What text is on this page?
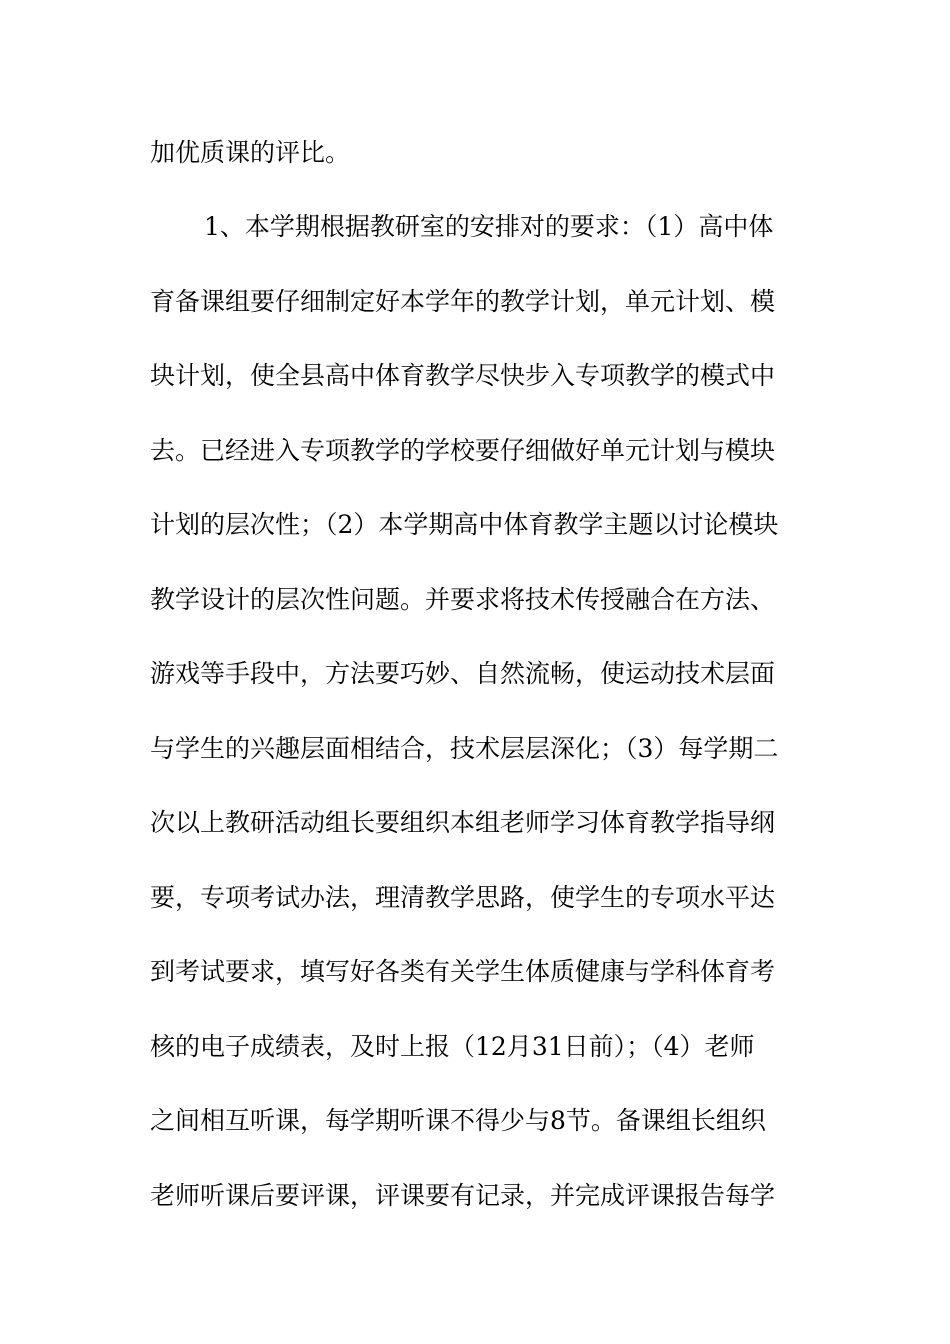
加优质课的评比。
1、本学期根据教研室的安排对的要求：（1）高中体
育备课组要仔细制定好本学年的教学计划，单元计划、模
块计划，使全县高中体育教学尽快步入专项教学的模式中
去。已经进入专项教学的学校要仔细做好单元计划与模块
计划的层次性；（2）本学期高中体育教学主题以讨论模块
教学设计的层次性问题。并要求将技术传授融合在方法、
游戏等手段中，方法要巧妙、自然流畅，使运动技术层面
与学生的兴趣层面相结合，技术层层深化；（3）每学期二
次以上教研活动组长要组织本组老师学习体育教学指导纲
要，专项考试办法，理清教学思路，使学生的专项水平达
到考试要求，填写好各类有关学生体质健康与学科体育考
核的电子成绩表，及时上报（12月31日前）；（4）老师
之间相互听课，每学期听课不得少与8节。备课组长组织
老师听课后要评课，评课要有记录，并完成评课报告每学
